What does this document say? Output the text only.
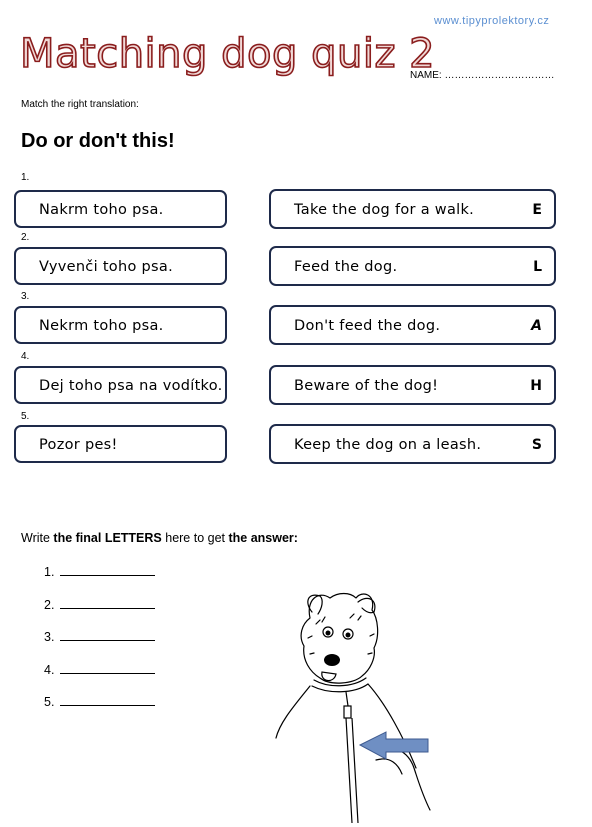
www.tipyprolektory.cz
Matching dog quiz 2
NAME: ……………………………
Match the right translation:
Do or don't this!
1.
Nakrm toho psa.
2.
Vyvenči toho psa.
3.
Nekrm toho psa.
4.
Dej toho psa na vodítko.
5.
Pozor pes!
Take the dog for a walk.	E
Feed the dog.	L
Don't feed the dog.	A
Beware of the dog!	H
Keep the dog on a leash.	S
Write the final LETTERS here to get the answer:
1.
2.
3.
4.
5.
